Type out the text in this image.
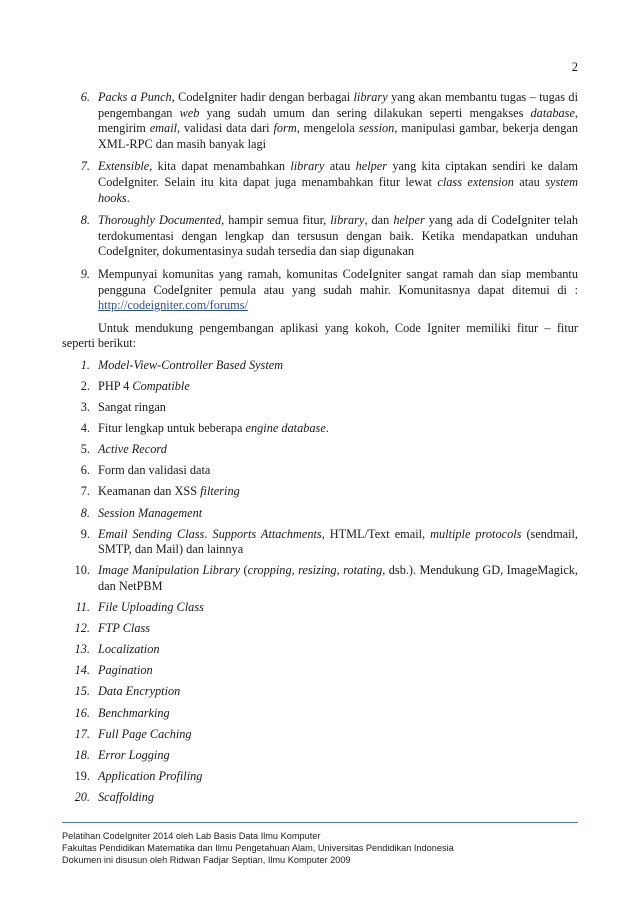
2
6. Packs a Punch, CodeIgniter hadir dengan berbagai library yang akan membantu tugas – tugas di pengembangan web yang sudah umum dan sering dilakukan seperti mengakses database, mengirim email, validasi data dari form, mengelola session, manipulasi gambar, bekerja dengan XML-RPC dan masih banyak lagi
7. Extensible, kita dapat menambahkan library atau helper yang kita ciptakan sendiri ke dalam CodeIgniter. Selain itu kita dapat juga menambahkan fitur lewat class extension atau system hooks.
8. Thoroughly Documented, hampir semua fitur, library, dan helper yang ada di CodeIgniter telah terdokumentasi dengan lengkap dan tersusun dengan baik. Ketika mendapatkan unduhan CodeIgniter, dokumentasinya sudah tersedia dan siap digunakan
9. Mempunyai komunitas yang ramah, komunitas CodeIgniter sangat ramah dan siap membantu pengguna CodeIgniter pemula atau yang sudah mahir. Komunitasnya dapat ditemui di : http://codeigniter.com/forums/

Untuk mendukung pengembangan aplikasi yang kokoh, Code Igniter memiliki fitur – fitur seperti berikut:

1. Model-View-Controller Based System
2. PHP 4 Compatible
3. Sangat ringan
4. Fitur lengkap untuk beberapa engine database.
5. Active Record
6. Form dan validasi data
7. Keamanan dan XSS filtering
8. Session Management
9. Email Sending Class. Supports Attachments, HTML/Text email, multiple protocols (sendmail, SMTP, dan Mail) dan lainnya
10. Image Manipulation Library (cropping, resizing, rotating, dsb.). Mendukung GD, ImageMagick, dan NetPBM
11. File Uploading Class
12. FTP Class
13. Localization
14. Pagination
15. Data Encryption
16. Benchmarking
17. Full Page Caching
18. Error Logging
19. Application Profiling
20. Scaffolding
Pelatihan CodeIgniter 2014 oleh Lab Basis Data Ilmu Komputer
Fakultas Pendidikan Matematika dan Ilmu Pengetahuan Alam, Universitas Pendidikan Indonesia
Dokumen ini disusun oleh Ridwan Fadjar Septian, Ilmu Komputer 2009
